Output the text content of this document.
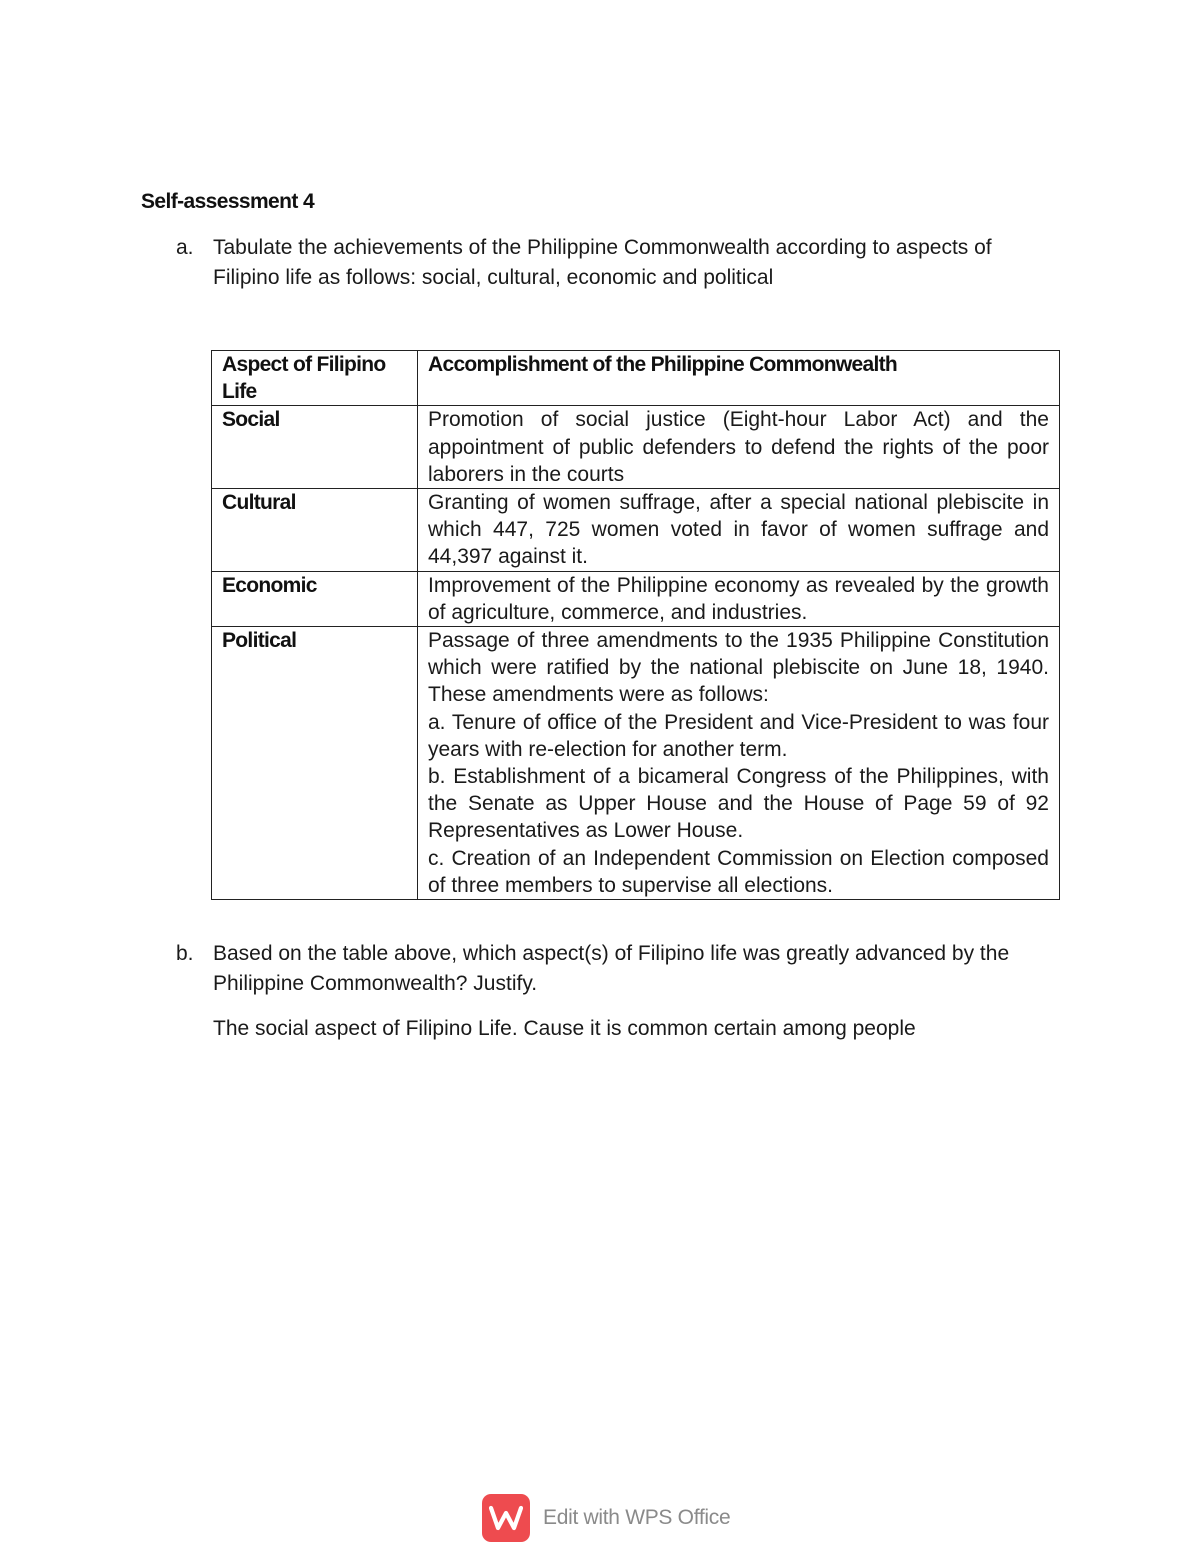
Self-assessment 4
a. Tabulate the achievements of the Philippine Commonwealth according to aspects of Filipino life as follows: social, cultural, economic and political
Aspect of Filipino Life	Accomplishment of the Philippine Commonwealth
Social	Promotion of social justice (Eight-hour Labor Act) and the appointment of public defenders to defend the rights of the poor laborers in the courts

Cultural	Granting of women suffrage, after a special national plebiscite in which 447, 725 women voted in favor of women suffrage and 44,397 against it.

Economic	Improvement of the Philippine economy as revealed by the growth of agriculture, commerce, and industries.

Political	Passage of three amendments to the 1935 Philippine Constitution which were ratified by the national plebiscite on June 18, 1940. These amendments were as follows:
a. Tenure of office of the President and Vice-President to was four years with re-election for another term.
b. Establishment of a bicameral Congress of the Philippines, with the Senate as Upper House and the House of Page 59 of 92 Representatives as Lower House.
c. Creation of an Independent Commission on Election composed of three members to supervise all elections.
b. Based on the table above, which aspect(s) of Filipino life was greatly advanced by the Philippine Commonwealth? Justify.
The social aspect of Filipino Life. Cause it is common certain among people
Edit with WPS Office
